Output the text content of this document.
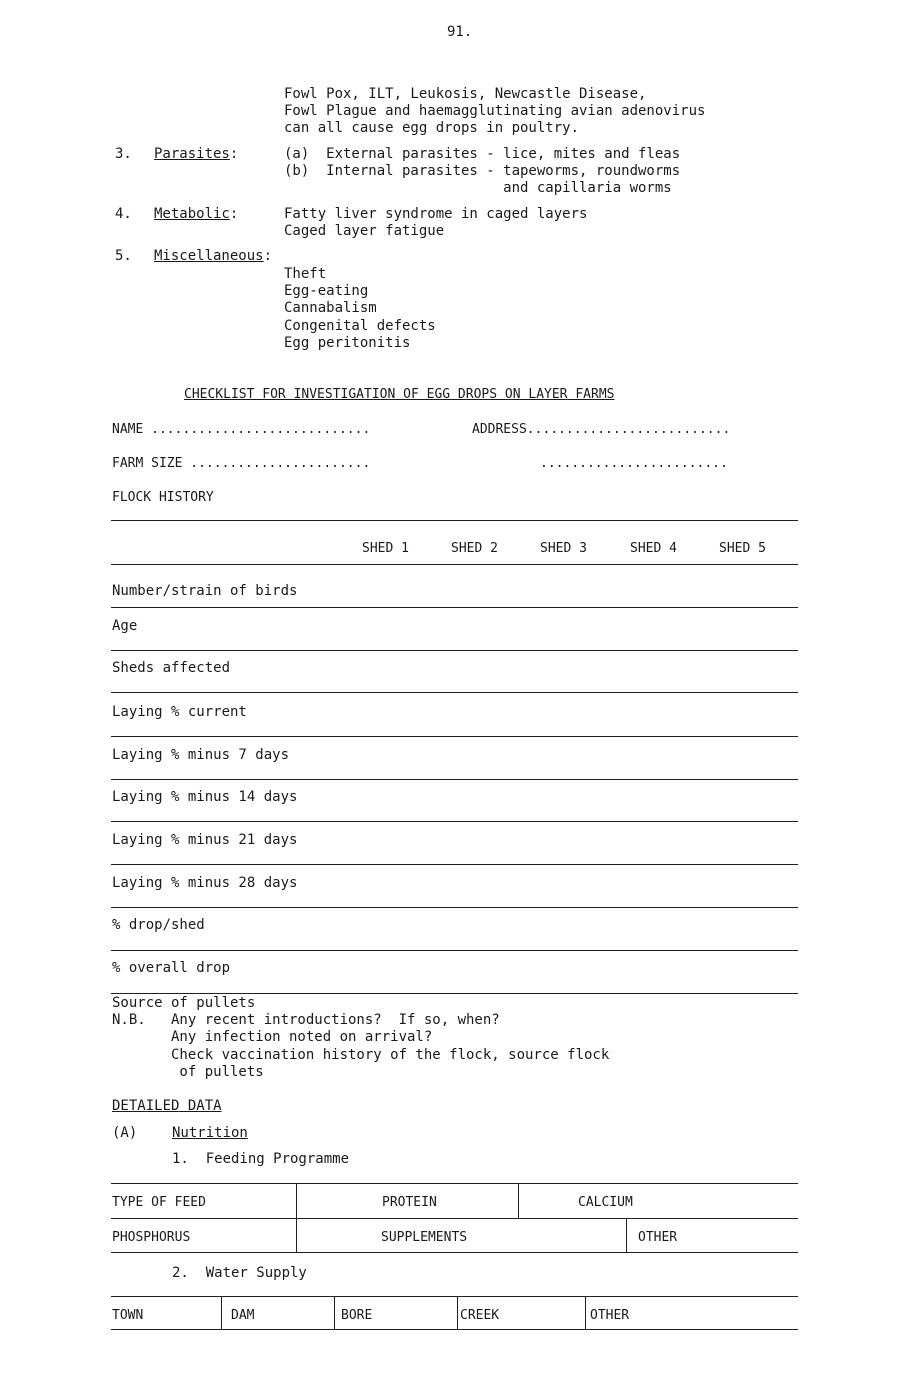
91.
Fowl Pox, ILT, Leukosis, Newcastle Disease,
Fowl Plague and haemagglutinating avian adenovirus
can all cause egg drops in poultry.
3. Parasites:	(a)  External parasites - lice, mites and fleas
(b)  Internal parasites - tapeworms, roundworms
and capillaria worms
4. Metabolic:	Fatty liver syndrome in caged layers
Caged layer fatigue
5. Miscellaneous:
Theft
Egg-eating
Cannabalism
Congenital defects
Egg peritonitis
CHECKLIST FOR INVESTIGATION OF EGG DROPS ON LAYER FARMS
NAME ............................	ADDRESS..........................
FARM SIZE .......................	........................
FLOCK HISTORY
SHED 1	SHED 2	SHED 3	SHED 4	SHED 5
Number/strain of birds
Age
Sheds affected
Laying % current
Laying % minus 7 days
Laying % minus 14 days
Laying % minus 21 days
Laying % minus 28 days
% drop/shed
% overall drop
Source of pullets
N.B.   Any recent introductions?  If so, when?
Any infection noted on arrival?
Check vaccination history of the flock, source flock
of pullets
DETAILED DATA
(A) Nutrition
1.  Feeding Programme
TYPE OF FEED	PROTEIN	CALCIUM
PHOSPHORUS	SUPPLEMENTS	OTHER
2.  Water Supply
TOWN	DAM	BORE	CREEK	OTHER
